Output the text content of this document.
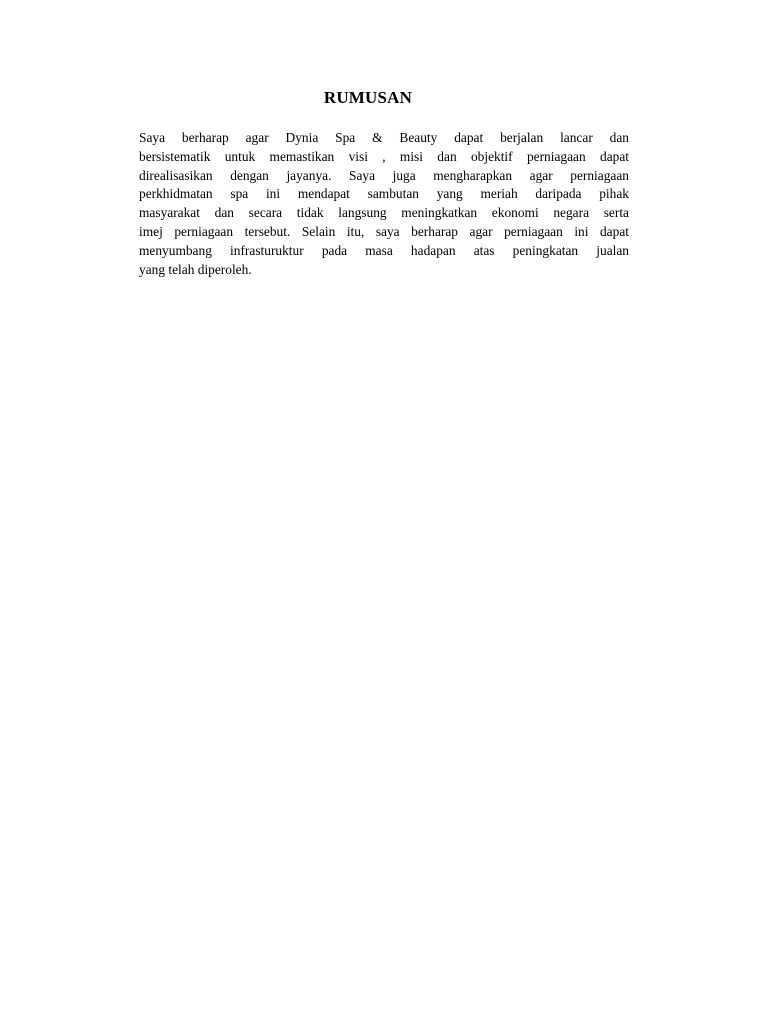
RUMUSAN
Saya berharap agar Dynia Spa & Beauty dapat berjalan lancar dan
bersistematik untuk memastikan visi , misi dan objektif perniagaan dapat
direalisasikan dengan jayanya. Saya juga mengharapkan agar perniagaan
perkhidmatan spa ini mendapat sambutan yang meriah daripada pihak
masyarakat dan secara tidak langsung meningkatkan ekonomi negara serta
imej perniagaan tersebut. Selain itu, saya berharap agar perniagaan ini dapat
menyumbang infrasturuktur pada masa hadapan atas peningkatan jualan
yang telah diperoleh.
